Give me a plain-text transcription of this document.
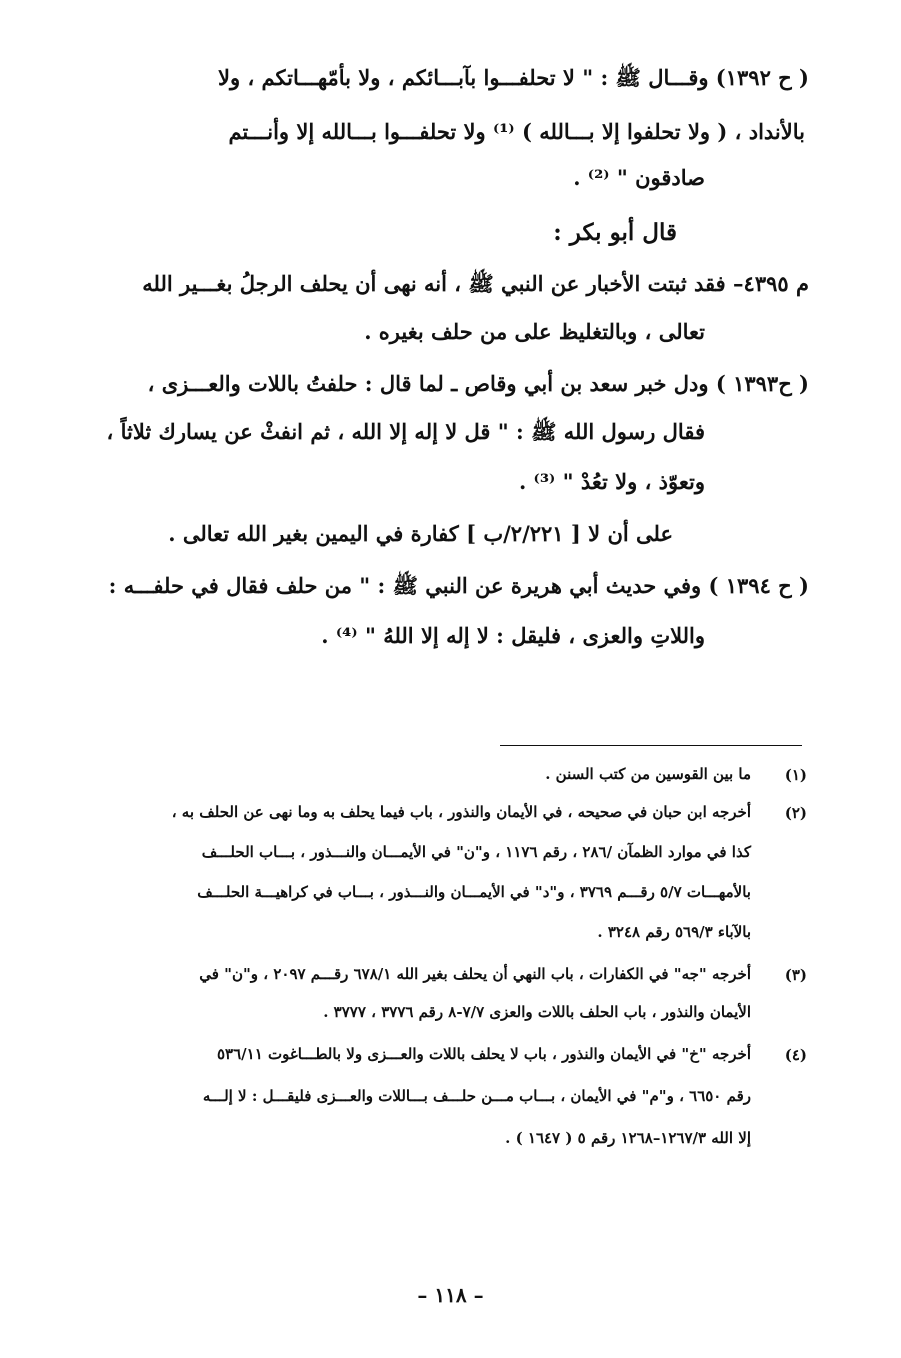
( ح ١٣٩٢) وقـــال ﷺ : " لا تحلفـــوا بآبـــائكم ، ولا بأمّهـــاتكم ، ولا
بالأنداد ، ( ولا تحلفوا إلا بـــالله ) ⁽¹⁾ ولا تحلفـــوا بـــالله إلا وأنـــتم
صادقون " ⁽²⁾ .
قال أبو بكر :
م ٤٣٩٥– فقد ثبتت الأخبار عن النبي ﷺ ، أنه نهى أن يحلف الرجلُ بغـــير الله
تعالى ، وبالتغليظ على من حلف بغيره .
( ح١٣٩٣ ) ودل خبر سعد بن أبي وقاص ـ لما قال : حلفتُ باللات والعـــزى ،
فقال رسول الله ﷺ : " قل لا إله إلا الله ، ثم انفثْ عن يسارك ثلاثاً ،
وتعوّذ ، ولا تعُدْ " ⁽³⁾ .
على أن لا [ ٢/٢٢١/ب ] كفارة في اليمين بغير الله تعالى .
( ح ١٣٩٤ ) وفي حديث أبي هريرة عن النبي ﷺ : " من حلف فقال في حلفـــه :
واللاتِ والعزى ، فليقل : لا إله إلا اللهُ " ⁽⁴⁾ .
(١)
ما بين القوسين من كتب السنن .
(٢)
أخرجه ابن حبان في صحيحه ، في الأيمان والنذور ، باب فيما يحلف به وما نهى عن الحلف به ،
كذا في موارد الظمآن /٢٨٦ ، رقم ١١٧٦ ، و"ن" في الأيمـــان والنـــذور ، بـــاب الحلـــف
بالأمهـــات ٥/٧ رقـــم ٣٧٦٩ ، و"د" في الأيمـــان والنـــذور ، بـــاب في كراهيـــة الحلـــف
بالآباء ٥٦٩/٣ رقم ٣٢٤٨ .
(٣)
أخرجه "جه" في الكفارات ، باب النهي أن يحلف بغير الله ٦٧٨/١ رقـــم ٢٠٩٧ ، و"ن" في
الأيمان والنذور ، باب الحلف باللات والعزى ٧/٧-٨ رقم ٣٧٧٦ ، ٣٧٧٧ .
(٤)
أخرجه "خ" في الأيمان والنذور ، باب لا يحلف باللات والعـــزى ولا بالطـــاغوت ٥٣٦/١١
رقم ٦٦٥٠ ، و"م" في الأيمان ، بـــاب مـــن حلـــف بـــاللات والعـــزى فليقـــل : لا إلـــه
إلا الله ١٢٦٧/٣–١٢٦٨ رقم ٥ ( ١٦٤٧ ) .
– ١١٨ –
